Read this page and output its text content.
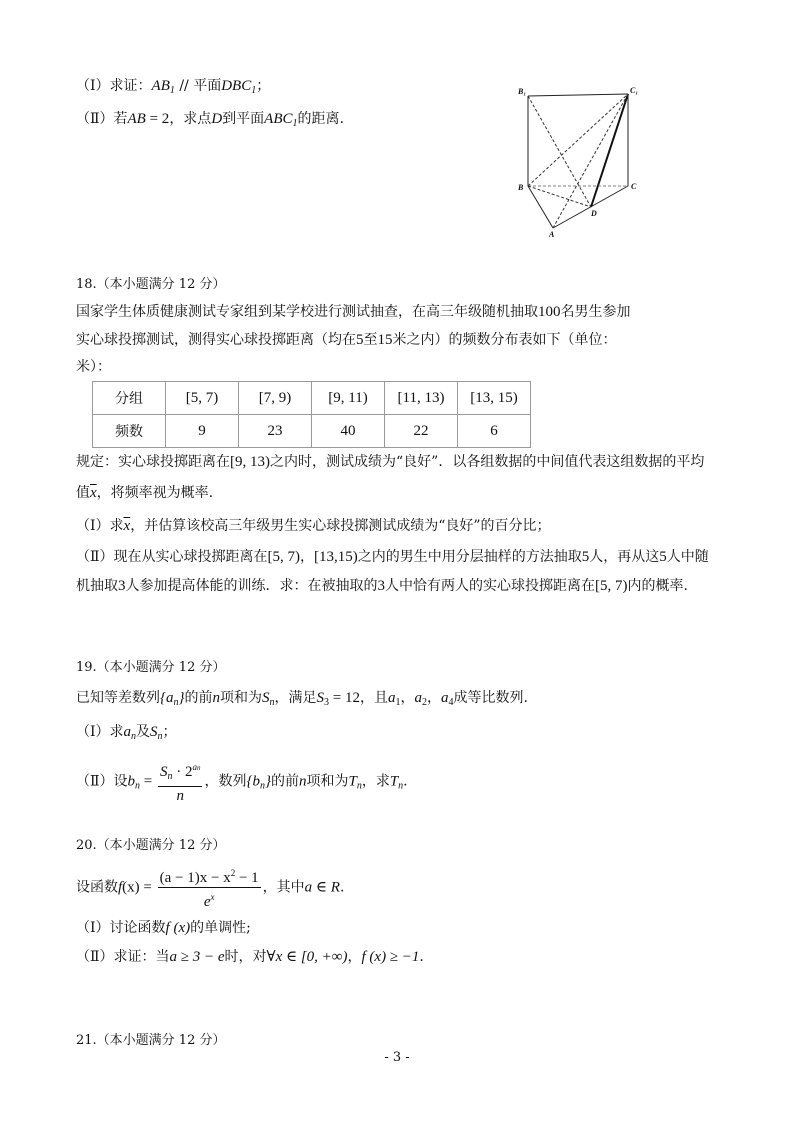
（Ⅰ）求证：$AB_1$ // 平面$DBC_1$；
（Ⅱ）若AB = 2，求点D到平面$ABC_1$的距离.
B₁	C₁
B	C
D
A
18.（本小题满分 12 分）
国家学生体质健康测试专家组到某学校进行测试抽查，在高三年级随机抽取100名男生参加
实心球投掷测试，测得实心球投掷距离（均在5至15米之内）的频数分布表如下（单位：
米）：
分组	[5, 7)	[7, 9)	[9, 11)	[11, 13)	[13, 15)
频数	9	23	40	22	6
规定：实心球投掷距离在[9, 13)之内时，测试成绩为“良好”．以各组数据的中间值代表这组数据的平均
值$\overline{x}$，将频率视为概率.
（Ⅰ）求$\overline{x}$，并估算该校高三年级男生实心球投掷测试成绩为“良好”的百分比；
（Ⅱ）现在从实心球投掷距离在[5, 7)，[13,15)之内的男生中用分层抽样的方法抽取5人，再从这5人中随
机抽取3人参加提高体能的训练．求：在被抽取的3人中恰有两人的实心球投掷距离在[5, 7)内的概率.
19.（本小题满分 12 分）
已知等差数列$\{a_n\}$的前n项和为$S_n$，满足$S_3 = 12$，且$a_1$，$a_2$，$a_4$成等比数列.
（Ⅰ）求$a_n$及$S_n$；
（Ⅱ）设$b_n = \frac{S_n \cdot 2^{an}}{n}$ ，数列$\{b_n\}$的前n项和为$T_n$，求$T_n$.
20.（本小题满分 12 分）
设函数$f(x) = \frac{(a - 1)x - x^2 - 1}{e^x}$ ，其中a ∈ R.
（Ⅰ）讨论函数f (x)的单调性;
（Ⅱ）求证：当a ≥ 3 − e时，对∀x ∈ [0, +∞)，f (x) ≥ −1.
21.（本小题满分 12 分）
- 3 -
